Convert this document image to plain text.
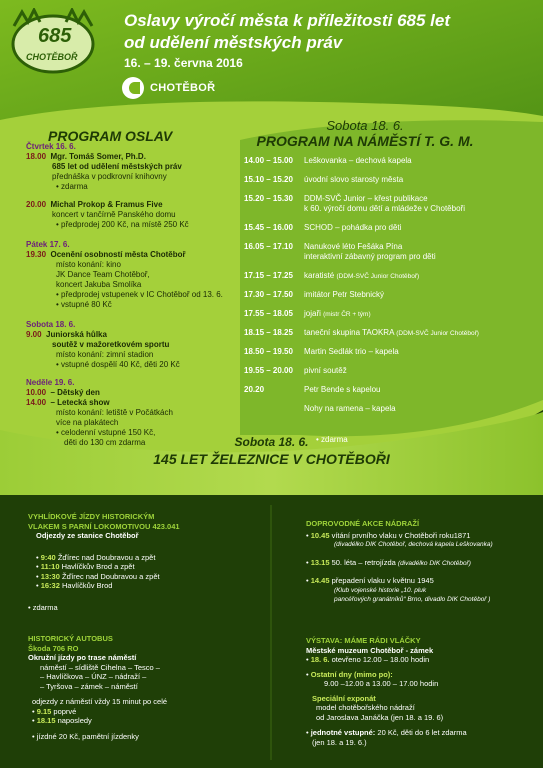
685
CHOTĚBOŘ
Oslavy výročí města k příležitosti 685 let
od udělení městských práv
16. – 19. června 2016
CHOTĚBOŘ
PROGRAM OSLAV
Čtvrtek 16. 6.
18.00 Mgr. Tomáš Somer, Ph.D.
685 let od udělení městských práv
přednáška v podkrovní knihovny
• zdarma
20.00 Michal Prokop & Framus Five
koncert v tančírně Panského domu
• předprodej 200 Kč, na místě 250 Kč
Pátek 17. 6.
19.30 Ocenění osobností města Chotěboř
místo konání: kino
JK Dance Team Chotěboř,
koncert Jakuba Smolíka
• předprodej vstupenek v IC Chotěboř od 13. 6.
• vstupné 80 Kč
Sobota 18. 6.
9.00 Juniorská hůlka
soutěž v mažoretkovém sportu
místo konání: zimní stadion
• vstupné dospělí 40 Kč, děti 20 Kč
Neděle 19. 6.
10.00 – Dětský den
14.00 – Letecká show
místo konání: letiště v Počátkách
více na plakátech
• celodenní vstupné 150 Kč,
děti do 130 cm zdarma
Sobota 18. 6.
PROGRAM NA NÁMĚSTÍ T. G. M.
14.00 – 15.00 Leškovanka – dechová kapela
15.10 – 15.20 úvodní slovo starosty města
15.20 – 15.30 DDM-SVČ Junior – křest publikace
k 60. výročí domu dětí a mládeže v Chotěboři
15.45 – 16.00 SCHOD – pohádka pro děti
16.05 – 17.10 Nanukové léto Fešáka Pína
interaktivní zábavný program pro děti
17.15 – 17.25 karatisté (DDM-SVČ Junior Chotěboř)
17.30 – 17.50 imitátor Petr Stebnický
17.55 – 18.05 jojaři (mistr ČR + tým)
18.15 – 18.25 taneční skupina TAOKRA (DDM-SVČ Junior Chotěboř)
18.50 – 19.50 Martin Sedlák trio – kapela
19.55 – 20.00 pivní soutěž
20.20	Petr Bende s kapelou
Nohy na ramena – kapela
• zdarma
Sobota 18. 6.
145 LET ŽELEZNICE V CHOTĚBOŘI
VYHLÍDKOVÉ JÍZDY HISTORICKÝM
VLAKEM S PARNÍ LOKOMOTIVOU 423.041
Odjezdy ze stanice Chotěboř
• 9:40 Žďírec nad Doubravou a zpět
• 11:10 Havlíčkův Brod a zpět
• 13:30 Žďírec nad Doubravou a zpět
• 16:32 Havlíčkův Brod
• zdarma
HISTORICKÝ AUTOBUS
Škoda 706 RO
Okružní jízdy po trase náměstí
náměstí – sídliště Cihelna – Tesco –
– Havlíčkova – ÚNZ – nádraží –
– Tyršova – zámek – náměstí
odjezdy z náměstí vždy 15 minut po celé
• 9.15 poprvé
• 18.15 naposledy
• jízdné 20 Kč, pamětní jízdenky
DOPROVODNÉ AKCE NÁDRAŽÍ
• 10.45 vítání prvního vlaku v Chotěboři roku1871
(divadélko DIK Chotěboř, dechová kapela Leškovanka)
• 13.15 50. léta – retrojízda (divadélko DIK Chotěboř)
• 14.45 přepadení vlaku v květnu 1945
(Klub vojenské historie „10. pluk
pancéřových granátníků“ Brno, divadlo DIK Chotěboř )
VÝSTAVA: MÁME RÁDI VLÁČKY
Městské muzeum Chotěboř - zámek
• 18. 6. otevřeno 12.00 – 18.00 hodin
• Ostatní dny (mimo po):
9.00 –12.00 a 13.00 – 17.00 hodin
Speciální exponát
model chotěbořského nádraží
od Jaroslava Janáčka (jen 18. a 19. 6)
• jednotné vstupné: 20 Kč, děti do 6 let zdarma
(jen 18. a 19. 6.)
